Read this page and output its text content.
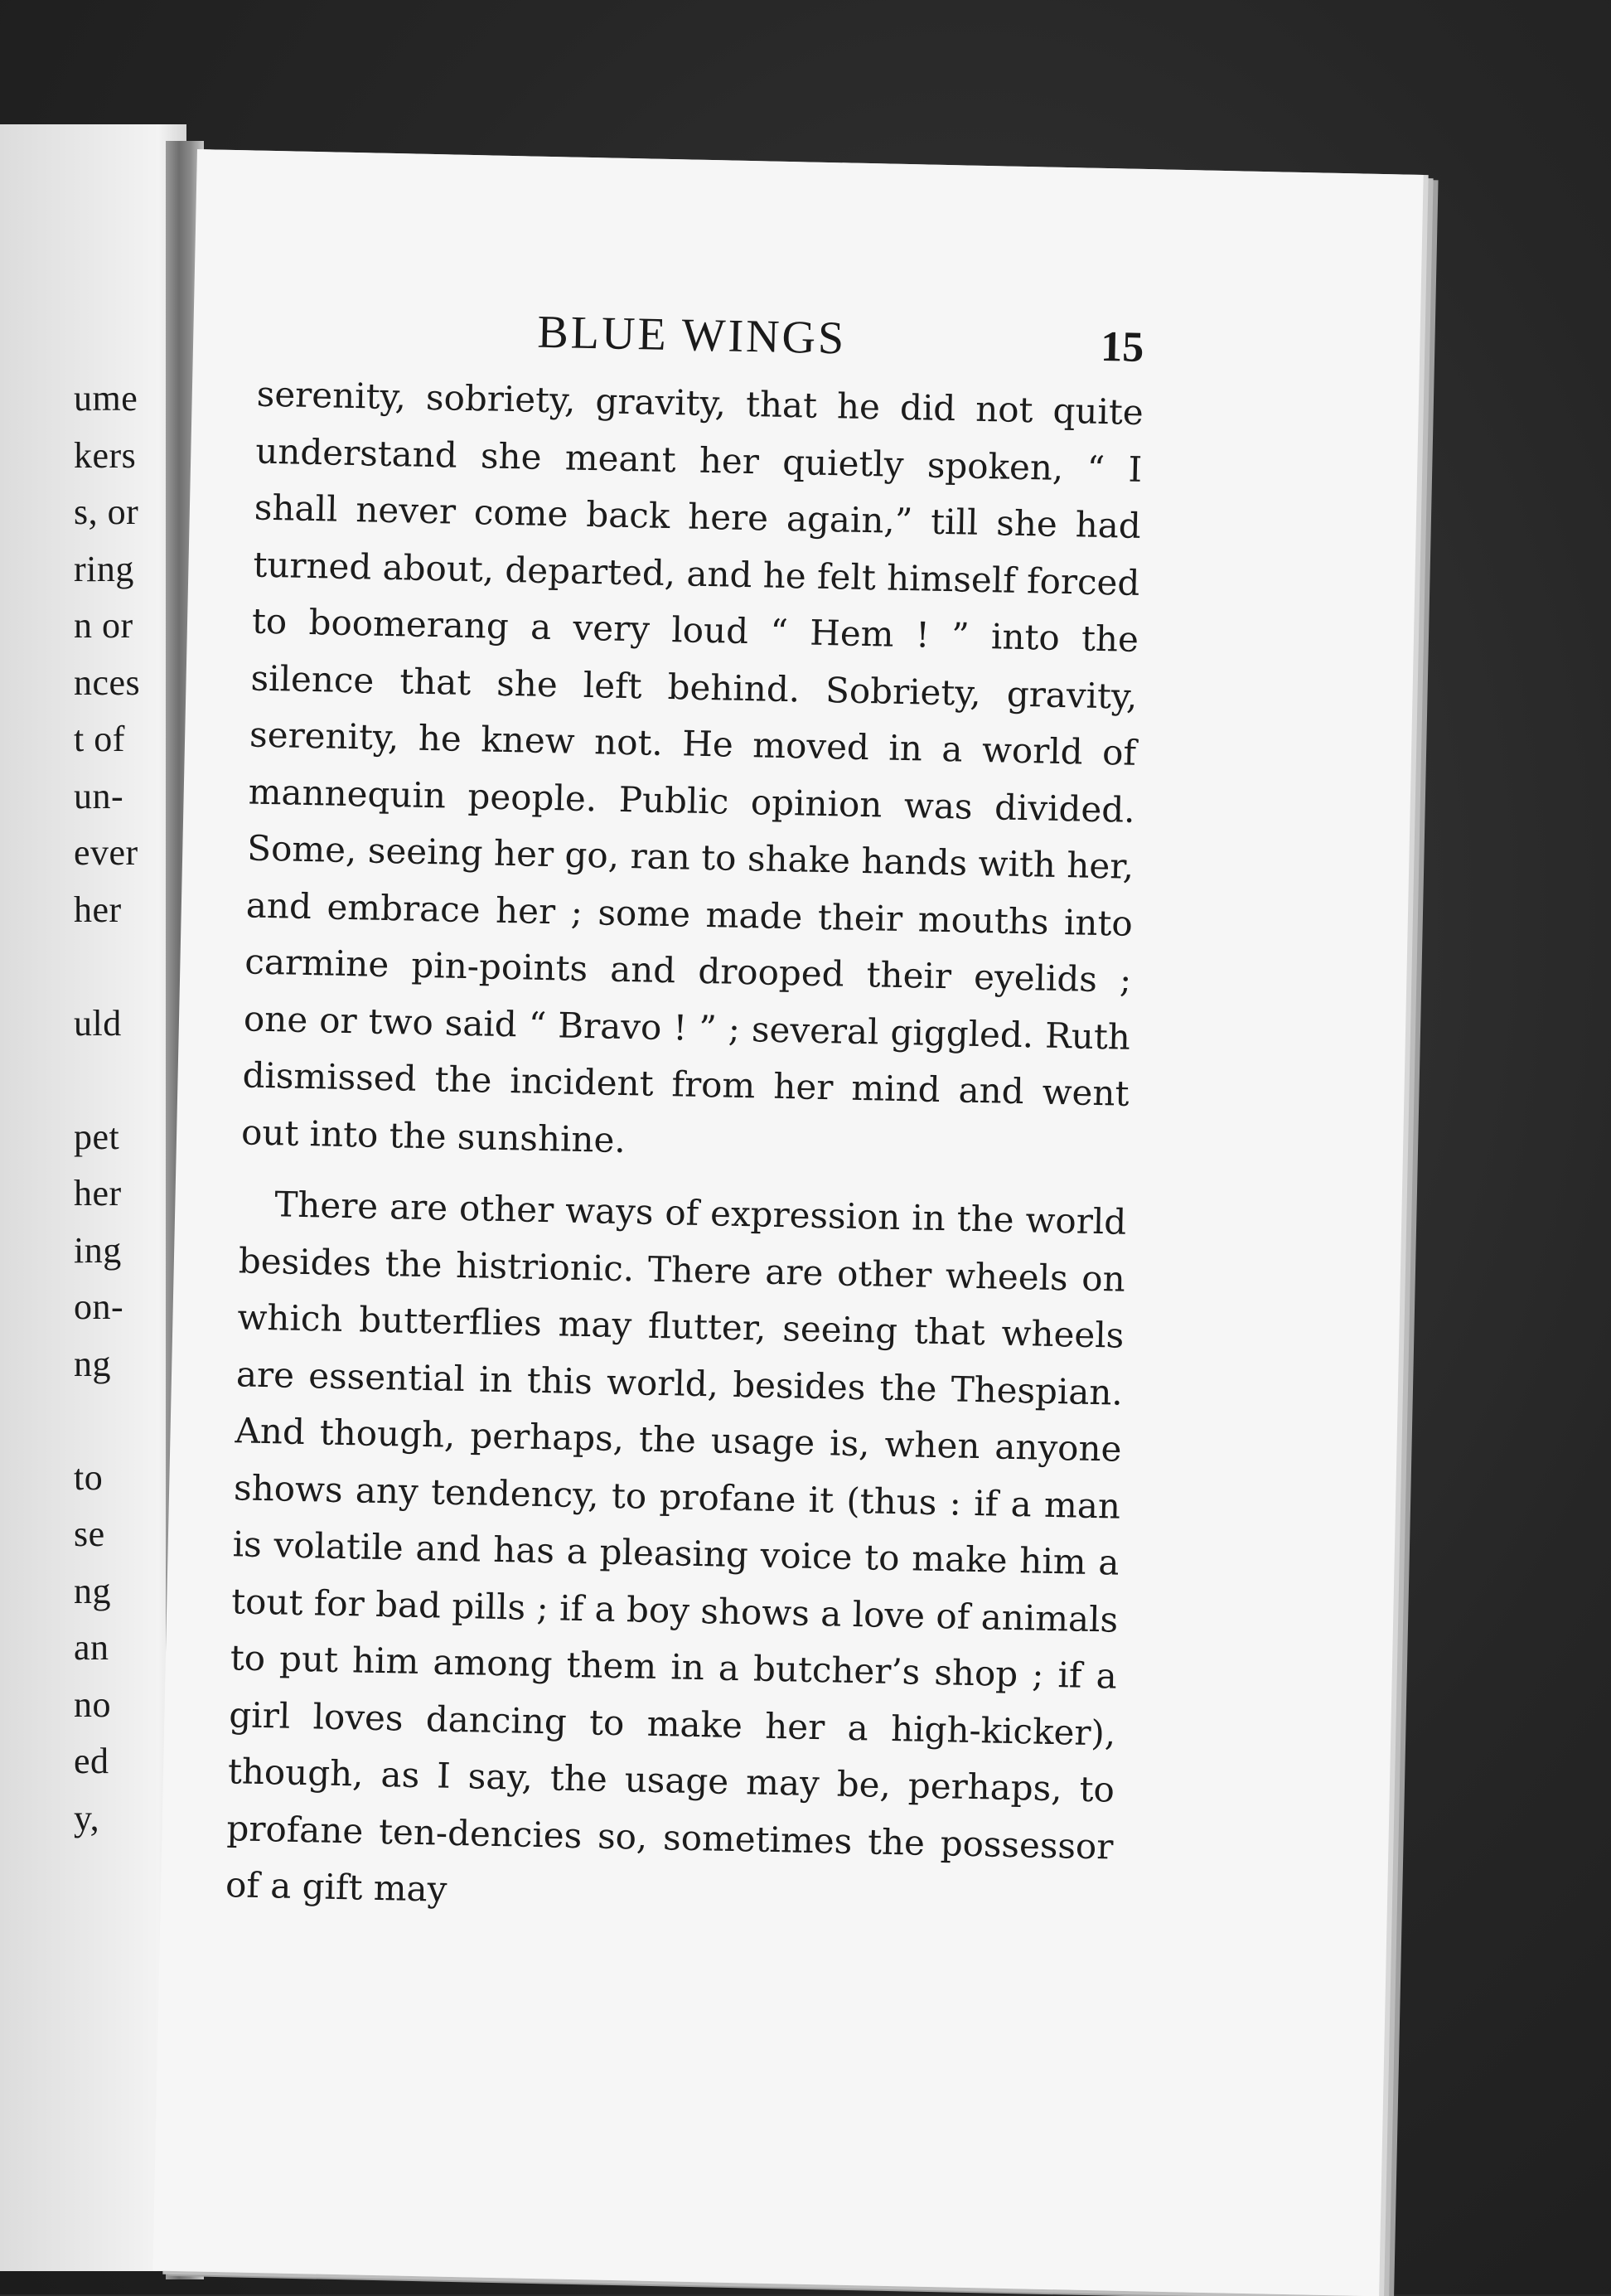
ume
kers
s, or
ring
n or
nces
t of
un-
ever
her
uld
pet
her
ing
on-
ng
to
se
ng
an
no
ed
y,
BLUE WINGS	15

serenity, sobriety, gravity, that he did not quite understand she meant her quietly spoken, “ I shall never come back here again,” till she had turned about, departed, and he felt himself forced to boomerang a very loud “ Hem ! ” into the silence that she left behind. Sobriety, gravity, serenity, he knew not. He moved in a world of mannequin people. Public opinion was divided. Some, seeing her go, ran to shake hands with her, and embrace her ; some made their mouths into carmine pin-points and drooped their eyelids ; one or two said “ Bravo ! ” ; several giggled. Ruth dismissed the incident from her mind and went out into the sunshine.

There are other ways of expression in the world besides the histrionic. There are other wheels on which butterflies may flutter, seeing that wheels are essential in this world, besides the Thespian. And though, perhaps, the usage is, when anyone shows any tendency, to profane it (thus : if a man is volatile and has a pleasing voice to make him a tout for bad pills ; if a boy shows a love of animals to put him among them in a butcher’s shop ; if a girl loves dancing to make her a high-kicker), though, as I say, the usage may be, perhaps, to profane ten-dencies so, sometimes the possessor of a gift may
